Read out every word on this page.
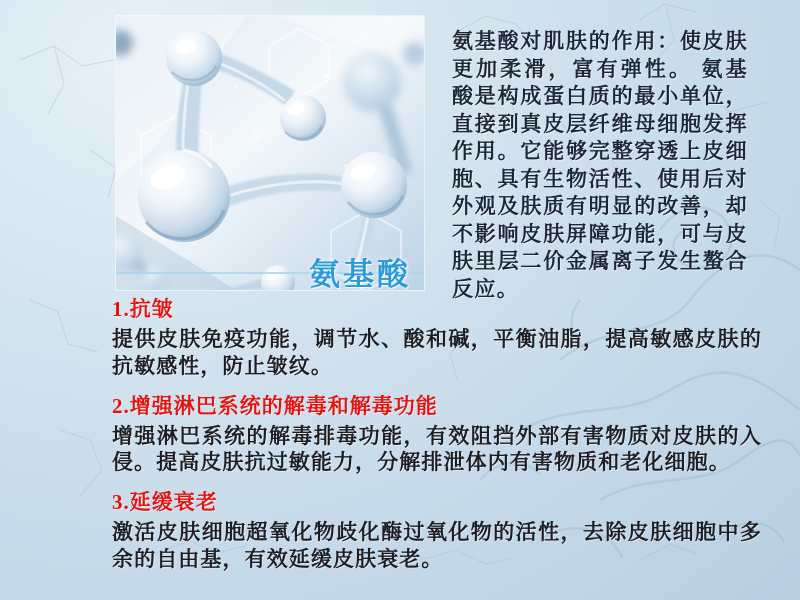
氨基酸
氨基酸对肌肤的作用：使皮肤更加柔滑，富有弹性。 氨基酸是构成蛋白质的最小单位，直接到真皮层纤维母细胞发挥作用。它能够完整穿透上皮细胞、具有生物活性、使用后对外观及肤质有明显的改善，却不影响皮肤屏障功能，可与皮肤里层二价金属离子发生螯合反应。
1.抗皱
提供皮肤免疫功能，调节水、酸和碱，平衡油脂，提高敏感皮肤的抗敏感性，防止皱纹。
2.增强淋巴系统的解毒和解毒功能
增强淋巴系统的解毒排毒功能，有效阻挡外部有害物质对皮肤的入侵。提高皮肤抗过敏能力，分解排泄体内有害物质和老化细胞。
3.延缓衰老
激活皮肤细胞超氧化物歧化酶过氧化物的活性，去除皮肤细胞中多余的自由基，有效延缓皮肤衰老。
